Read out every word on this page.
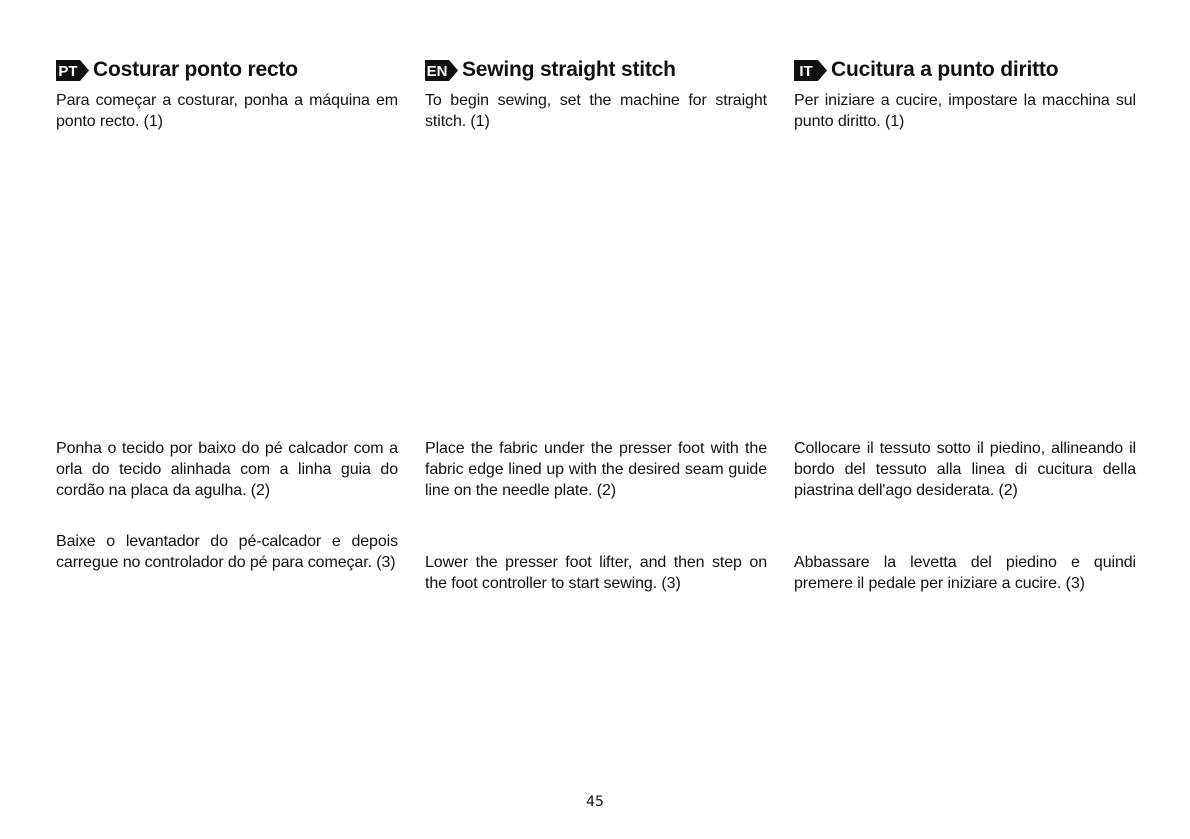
PT Costurar ponto recto

Para começar a costurar, ponha a máquina em ponto recto. (1)

Ponha o tecido por baixo do pé calcador com a orla do tecido alinhada com a linha guia do cordão na placa da agulha. (2)

Baixe o levantador do pé-calcador e depois carregue no controlador do pé para começar. (3)

EN Sewing straight stitch

To begin sewing, set the machine for straight stitch. (1)

Place the fabric under the presser foot with the fabric edge lined up with the desired seam guide line on the needle plate. (2)

Lower the presser foot lifter, and then step on the foot controller to start sewing. (3)

IT Cucitura a punto diritto

Per iniziare a cucire, impostare la macchina sul punto diritto. (1)

Collocare il tessuto sotto il piedino, allineando il bordo del tessuto alla linea di cucitura della piastrina dell'ago desiderata. (2)

Abbassare la levetta del piedino e quindi premere il pedale per iniziare a cucire. (3)

45
